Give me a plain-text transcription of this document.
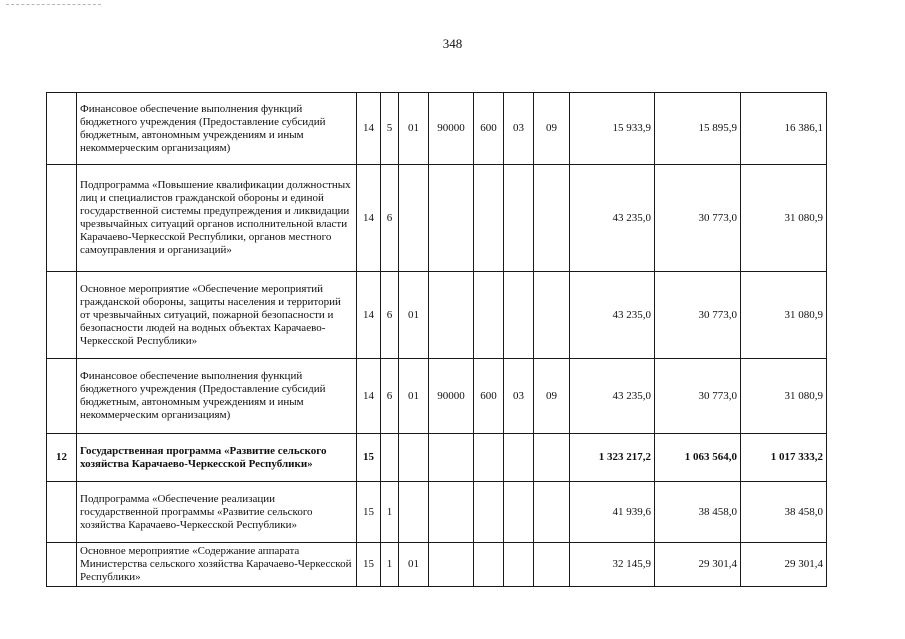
348
	Финансовое обеспечение выполнения функций бюджетного учреждения (Предоставление субсидий бюджетным, автономным учреждениям и иным некоммерческим организациям)	14	5	01	90000	600	03	09	15 933,9	15 895,9	16 386,1
	Подпрограмма «Повышение квалификации должностных лиц и специалистов гражданской обороны и единой государственной системы предупреждения и ликвидации чрезвычайных ситуаций органов исполнительной власти Карачаево-Черкесской Республики, органов местного самоуправления и организаций»	14	6						43 235,0	30 773,0	31 080,9
	Основное мероприятие «Обеспечение мероприятий гражданской обороны, защиты населения и территорий от чрезвычайных ситуаций, пожарной безопасности и безопасности людей на водных объектах Карачаево-Черкесской Республики»	14	6	01					43 235,0	30 773,0	31 080,9
	Финансовое обеспечение выполнения функций бюджетного учреждения (Предоставление субсидий бюджетным, автономным учреждениям и иным некоммерческим организациям)	14	6	01	90000	600	03	09	43 235,0	30 773,0	31 080,9
12	Государственная программа «Развитие сельского хозяйства Карачаево-Черкесской Республики»	15							1 323 217,2	1 063 564,0	1 017 333,2
	Подпрограмма «Обеспечение реализации государственной программы «Развитие сельского хозяйства Карачаево-Черкесской Республики»	15	1						41 939,6	38 458,0	38 458,0
	Основное мероприятие «Содержание аппарата Министерства сельского хозяйства Карачаево-Черкесской Республики»	15	1	01					32 145,9	29 301,4	29 301,4
